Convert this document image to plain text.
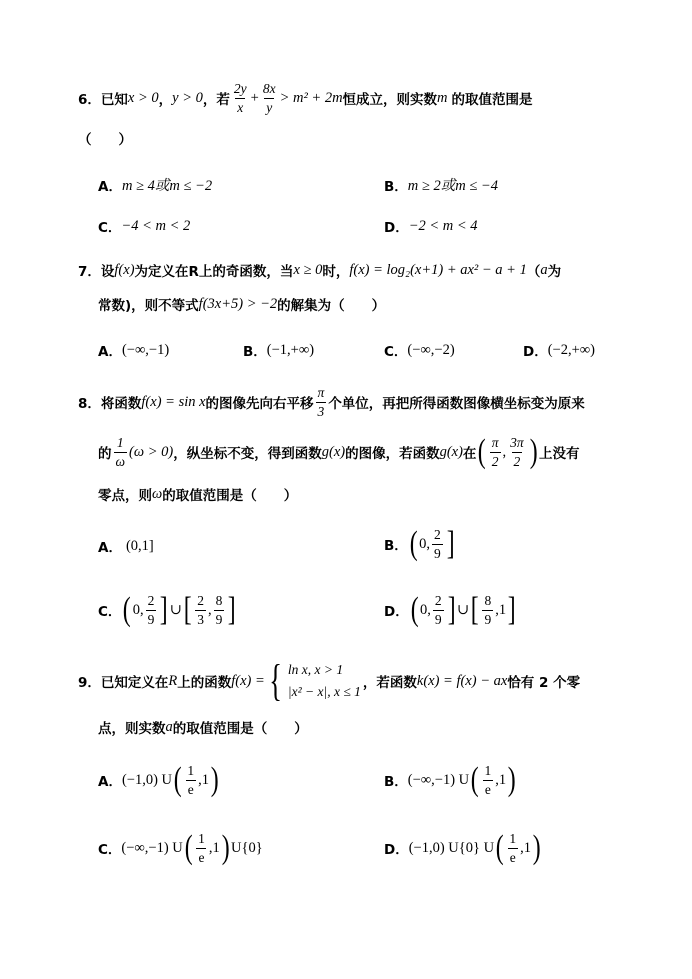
6． 已知 x > 0 ， y > 0 ，若 $\frac{2y}{x} + \frac{8x}{y} > m^2 + 2m$ 恒成立，则实数 m 的取值范围是
（　　）
A． m ≥ 4或m ≤ −2	B． m ≥ 2或m ≤ −4
C． −4 < m < 2	D． −2 < m < 4
7． 设 f(x) 为定义在R上的奇函数，当 x ≥ 0 时， f(x) = log₂(x+1) + ax² − a + 1 （ a 为
常数)，则不等式 f(3x+5) > −2 的解集为（　　）
A． (−∞,−1)	B． (−1,+∞)	C． (−∞,−2)	D． (−2,+∞)
8． 将函数 f(x) = sin x 的图像先向右平移 $\frac{\pi}{3}$ 个单位，再把所得函数图像横坐标变为原来
的 $\frac{1}{\omega} (\omega > 0)$ ，纵坐标不变，得到函数 g(x) 的图像，若函数 g(x) 在 ( $\frac{\pi}{2}$ , $\frac{3\pi}{2}$ ) 上没有
零点，则 ω 的取值范围是（　　）
A． (0,1]	B． ( 0, $\frac{2}{9}$ ]
C． ( 0, $\frac{2}{9}$ ] ∪ [ $\frac{2}{3}$ , $\frac{8}{9}$ ]	D． ( 0, $\frac{2}{9}$ ] ∪ [ $\frac{8}{9} ,1$ ]
9． 已知定义在 R 上的函数 f(x) = { ln x, x > 1
|x² − x|, x ≤ 1
，若函数 k(x) = f(x) − ax 恰有 2 个零
点，则实数 a 的取值范围是（　　）
A． (−1,0) U ( $\frac{1}{e} ,1$ )	B． (−∞,−1) U ( $\frac{1}{e} ,1$ )
C． (−∞,−1) U ( $\frac{1}{e} ,1$ ) U{0}	D． (−1,0) U{0} U ( $\frac{1}{e} ,1$ )
